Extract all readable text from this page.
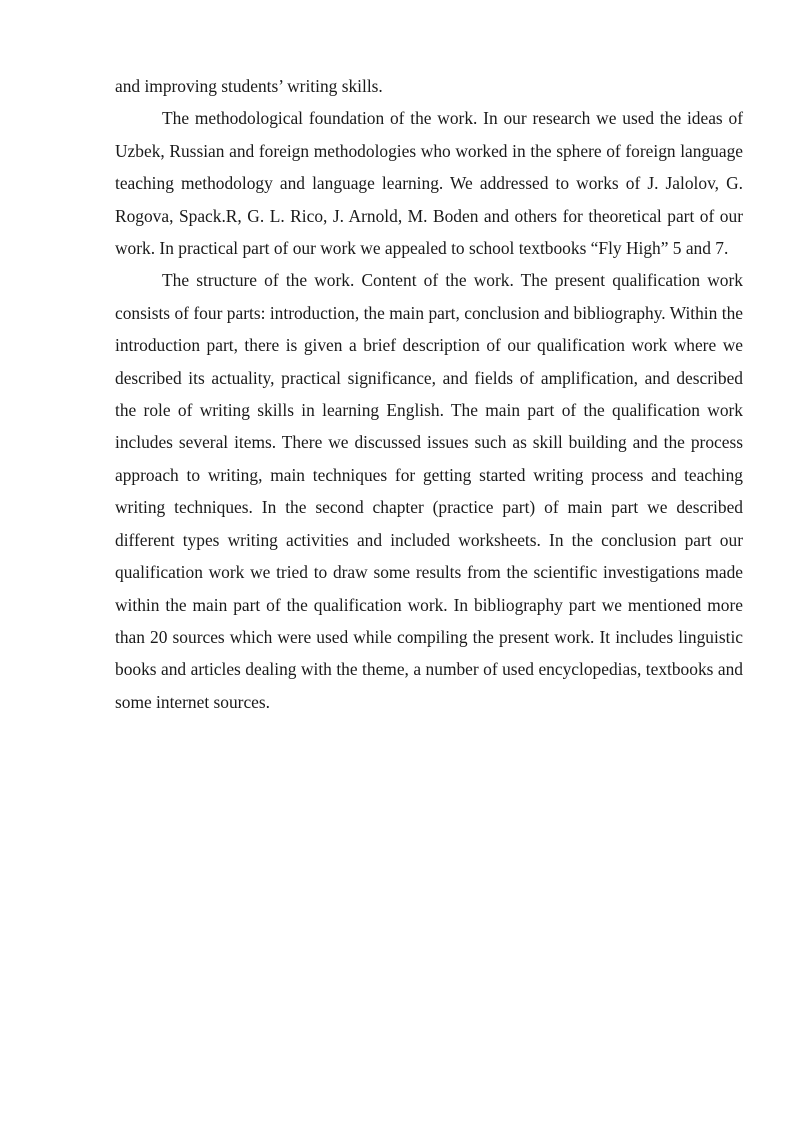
and improving students’ writing skills.

The methodological foundation of the work. In our research we used the ideas of Uzbek, Russian and foreign methodologies who worked in the sphere of foreign language teaching methodology and language learning. We addressed to works of J. Jalolov, G. Rogova, Spack.R, G. L. Rico, J. Arnold, M. Boden and others for theoretical part of our work. In practical part of our work we appealed to school textbooks “Fly High” 5 and 7.

The structure of the work. Content of the work. The present qualification work consists of four parts: introduction, the main part, conclusion and bibliography. Within the introduction part, there is given a brief description of our qualification work where we described its actuality, practical significance, and fields of amplification, and described the role of writing skills in learning English. The main part of the qualification work includes several items. There we discussed issues such as skill building and the process approach to writing, main techniques for getting started writing process and teaching writing techniques. In the second chapter (practice part) of main part we described different types writing activities and included worksheets. In the conclusion part our qualification work we tried to draw some results from the scientific investigations made within the main part of the qualification work. In bibliography part we mentioned more than 20 sources which were used while compiling the present work. It includes linguistic books and articles dealing with the theme, a number of used encyclopedias, textbooks and some internet sources.
